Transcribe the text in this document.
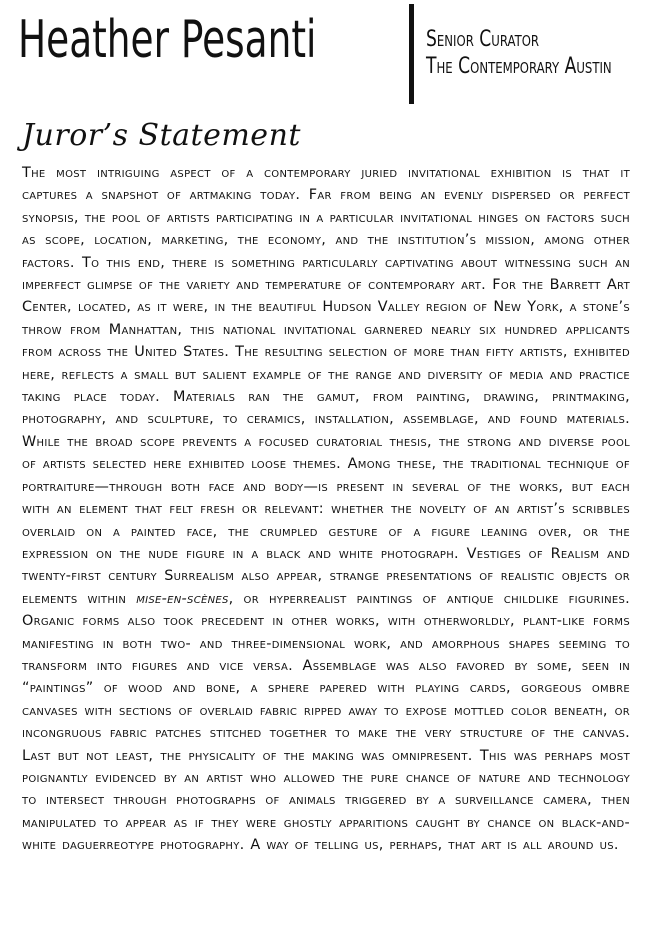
Heather Pesanti	Senior Curator
The Contemporary Austin
Juror’s Statement

The most intriguing aspect of a contemporary juried invitational exhibition is that it captures a snapshot of artmaking today. Far from being an evenly dispersed or perfect synopsis, the pool of artists participating in a particular invitational hinges on factors such as scope, location, marketing, the economy, and the institution’s mission, among other factors. To this end, there is something particularly captivating about witnessing such an imperfect glimpse of the variety and temperature of contemporary art. For the Barrett Art Center, located, as it were, in the beautiful Hudson Valley region of New York, a stone’s throw from Manhattan, this national invitational garnered nearly six hundred applicants from across the United States. The resulting selection of more than fifty artists, exhibited here, reflects a small but salient example of the range and diversity of media and practice taking place today. Materials ran the gamut, from painting, drawing, printmaking, photography, and sculpture, to ceramics, installation, assemblage, and found materials. While the broad scope prevents a focused curatorial thesis, the strong and diverse pool of artists selected here exhibited loose themes. Among these, the traditional technique of portraiture—through both face and body—is present in several of the works, but each with an element that felt fresh or relevant: whether the novelty of an artist’s scribbles overlaid on a painted face, the crumpled gesture of a figure leaning over, or the expression on the nude figure in a black and white photograph. Vestiges of Realism and twenty-first century Surrealism also appear, strange presentations of realistic objects or elements within mise-en-scènes, or hyperrealist paintings of antique childlike figurines. Organic forms also took precedent in other works, with otherworldly, plant-like forms manifesting in both two- and three-dimensional work, and amorphous shapes seeming to transform into figures and vice versa. Assemblage was also favored by some, seen in “paintings” of wood and bone, a sphere papered with playing cards, gorgeous ombre canvases with sections of overlaid fabric ripped away to expose mottled color beneath, or incongruous fabric patches stitched together to make the very structure of the canvas. Last but not least, the physicality of the making was omnipresent. This was perhaps most poignantly evidenced by an artist who allowed the pure chance of nature and technology to intersect through photographs of animals triggered by a surveillance camera, then manipulated to appear as if they were ghostly apparitions caught by chance on black-and-white daguerreotype photography. A way of telling us, perhaps, that art is all around us.
